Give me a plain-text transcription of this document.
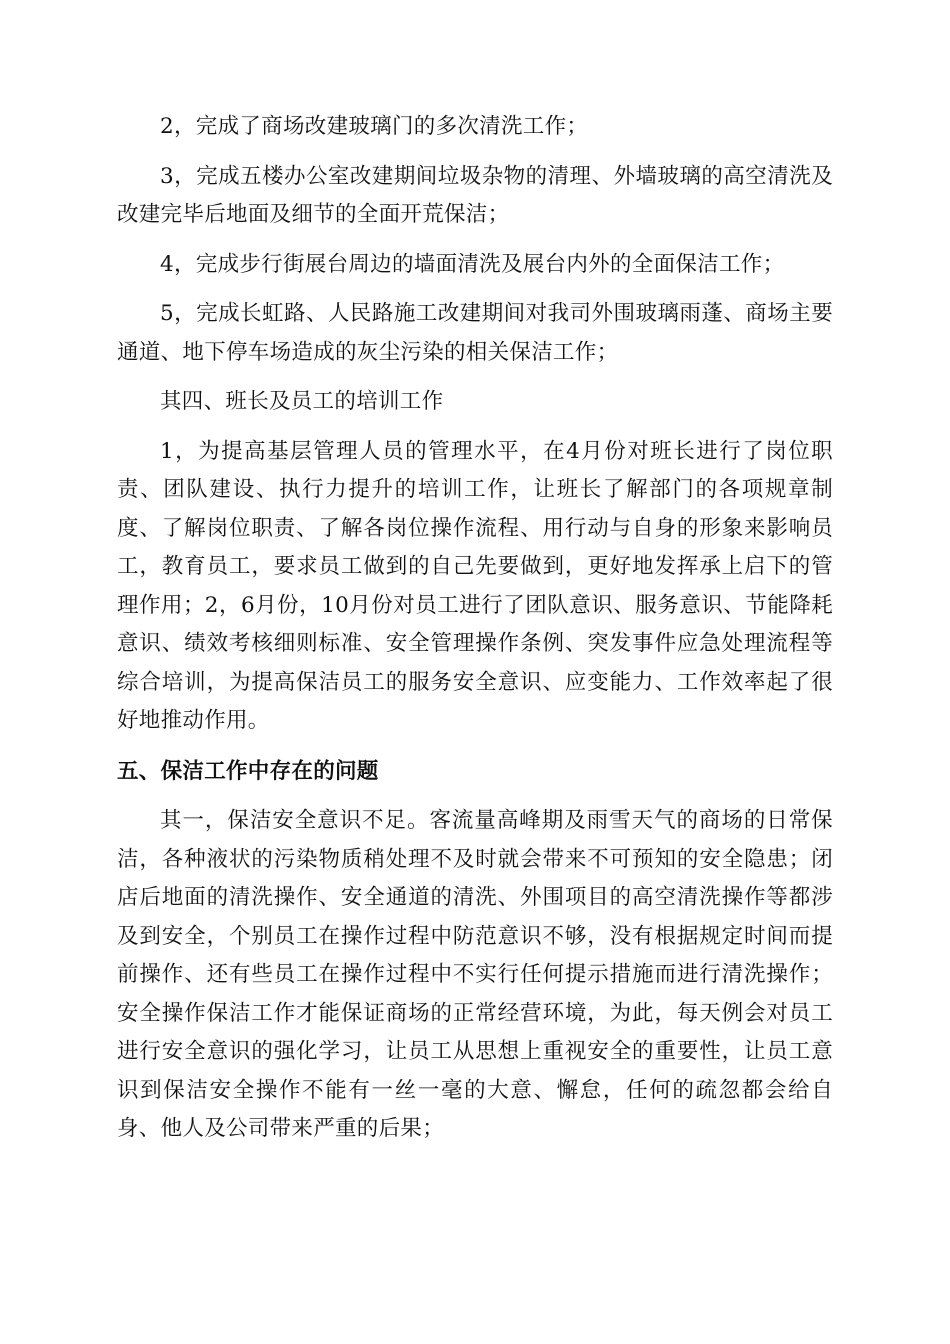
2，完成了商场改建玻璃门的多次清洗工作；

3，完成五楼办公室改建期间垃圾杂物的清理、外墙玻璃的高空清洗及改建完毕后地面及细节的全面开荒保洁；

4，完成步行街展台周边的墙面清洗及展台内外的全面保洁工作；

5，完成长虹路、人民路施工改建期间对我司外围玻璃雨蓬、商场主要通道、地下停车场造成的灰尘污染的相关保洁工作；

其四、班长及员工的培训工作

1，为提高基层管理人员的管理水平，在4月份对班长进行了岗位职责、团队建设、执行力提升的培训工作，让班长了解部门的各项规章制度、了解岗位职责、了解各岗位操作流程、用行动与自身的形象来影响员工，教育员工，要求员工做到的自己先要做到，更好地发挥承上启下的管理作用；2，6月份，10月份对员工进行了团队意识、服务意识、节能降耗意识、绩效考核细则标准、安全管理操作条例、突发事件应急处理流程等综合培训，为提高保洁员工的服务安全意识、应变能力、工作效率起了很好地推动作用。

五、保洁工作中存在的问题

其一，保洁安全意识不足。客流量高峰期及雨雪天气的商场的日常保洁，各种液状的污染物质稍处理不及时就会带来不可预知的安全隐患；闭店后地面的清洗操作、安全通道的清洗、外围项目的高空清洗操作等都涉及到安全，个别员工在操作过程中防范意识不够，没有根据规定时间而提前操作、还有些员工在操作过程中不实行任何提示措施而进行清洗操作；安全操作保洁工作才能保证商场的正常经营环境，为此，每天例会对员工进行安全意识的强化学习，让员工从思想上重视安全的重要性，让员工意识到保洁安全操作不能有一丝一毫的大意、懈怠，任何的疏忽都会给自身、他人及公司带来严重的后果；
